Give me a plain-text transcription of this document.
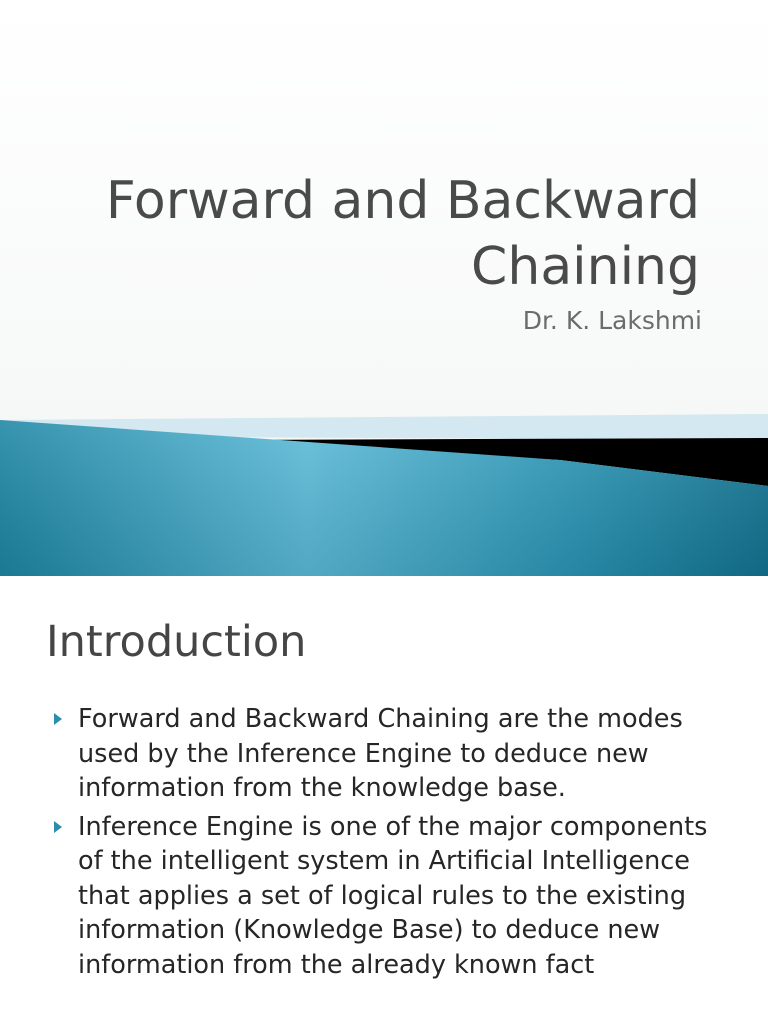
Forward and Backward Chaining

Dr. K. Lakshmi

Introduction
Forward and Backward Chaining are the modes used by the Inference Engine to deduce new information from the knowledge base.
Inference Engine is one of the major components of the intelligent system in Artificial Intelligence that applies a set of logical rules to the existing information (Knowledge Base) to deduce new information from the already known fact
